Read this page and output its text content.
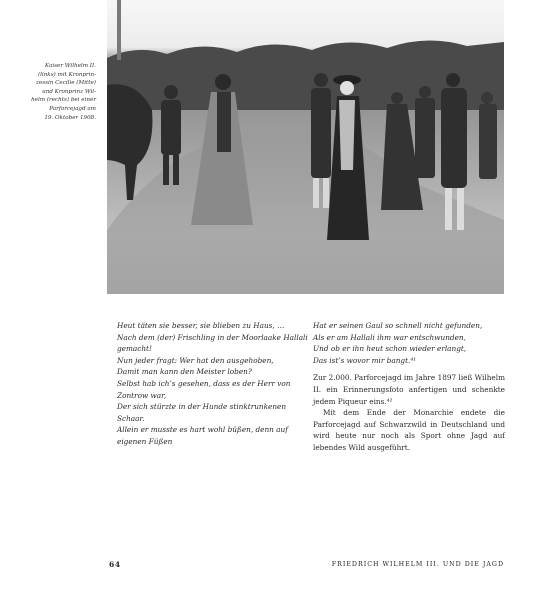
Kaiser Wilhelm II.
(links) mit Kronprin-
zessin Cecilie (Mitte)
und Kronprinz Wil-
helm (rechts) bei einer
Parforcejagd am
19. Oktober 1908.
Heut täten sie besser, sie blieben zu Haus, …
Nach dem (der) Frischling in der Moorlaake Hallali
gemacht!
Nun jeder fragt: Wer hat den ausgehoben,
Damit man kann den Meister loben?
Selbst hab ich’s gesehen, dass es der Herr von
Zontrow war,
Der sich stürzte in der Hunde stinktrunkenen
Schaar.
Allein er musste es hart wohl büßen, denn auf
eigenen Füßen
Hat er seinen Gaul so schnell nicht gefunden,
Als er am Hallali ihm war entschwunden,
Und ob er ihn heut schon wieder erlangt,
Das ist’s wovor mir bangt.⁴¹

Zur 2.000. Parforcejagd im Jahre 1897 ließ Wilhelm II. ein Erinnerungsfoto anfertigen und schenkte jedem Piqueur eins.⁴²

Mit dem Ende der Monarchie endete die Parforcejagd auf Schwarzwild in Deutschland und wird heute nur noch als Sport ohne Jagd auf lebendes Wild ausgeführt.

64	FRIEDRICH WILHELM III. UND DIE JAGD
